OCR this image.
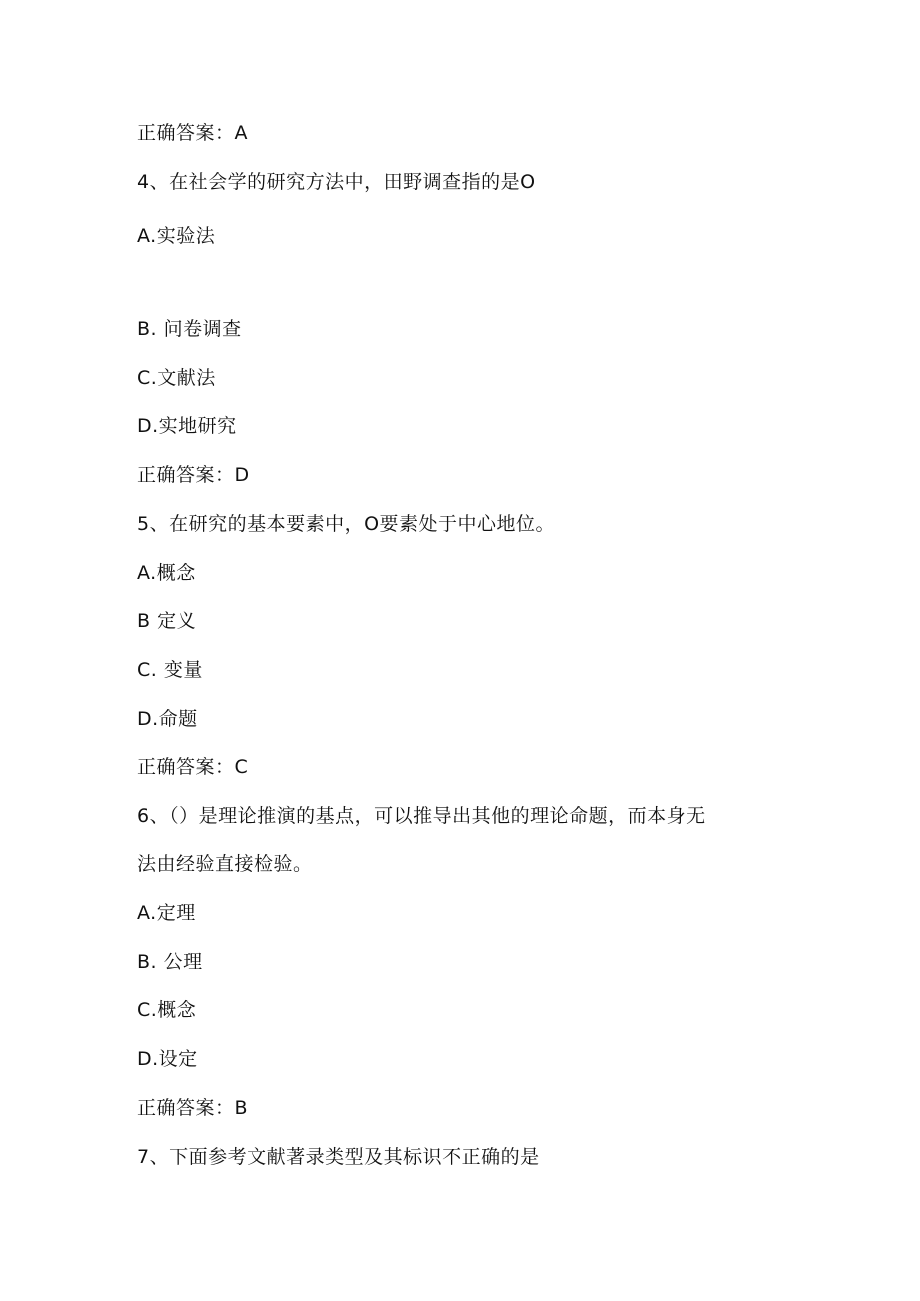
正确答案：A
4、在社会学的研究方法中，田野调查指的是O
A.实验法
B. 问卷调查
C.文献法
D.实地研究
正确答案：D
5、在研究的基本要素中，O要素处于中心地位。
A.概念
B 定义
C. 变量
D.命题
正确答案：C
6、（）是理论推演的基点，可以推导出其他的理论命题，而本身无
法由经验直接检验。
A.定理
B. 公理
C.概念
D.设定
正确答案：B
7、下面参考文献著录类型及其标识不正确的是
